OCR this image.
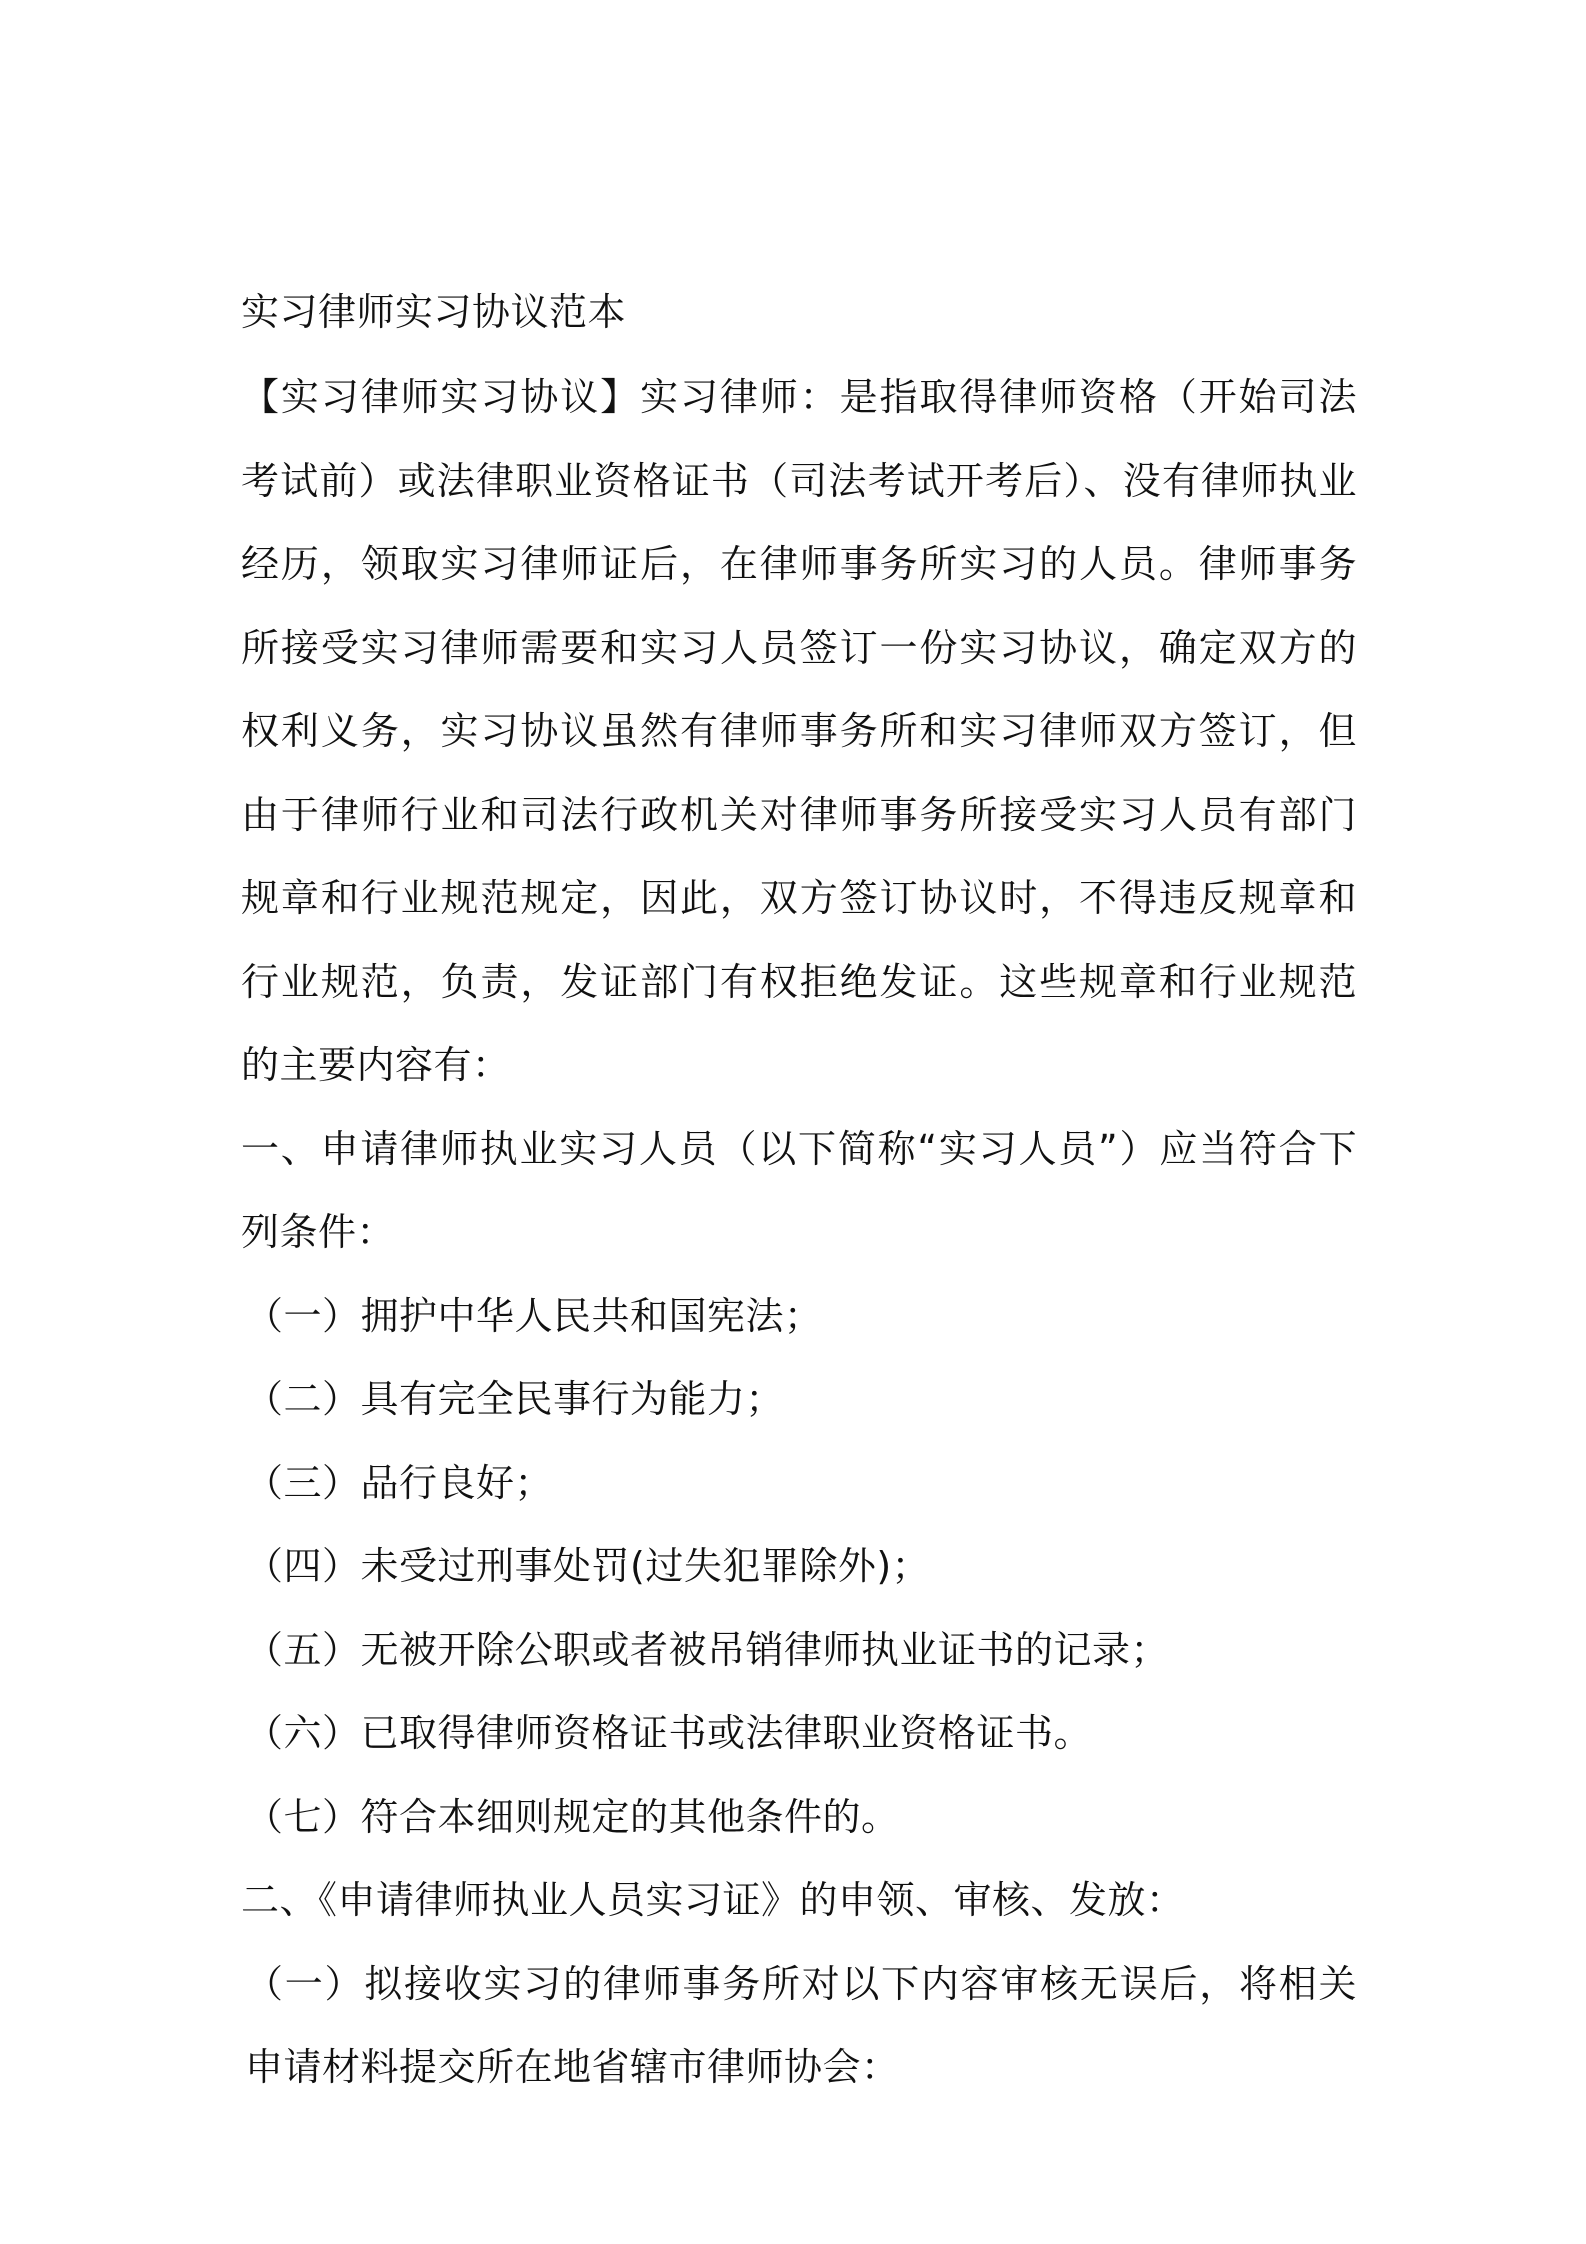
实习律师实习协议范本

【实习律师实习协议】实习律师：是指取得律师资格（开始司法考试前）或法律职业资格证书（司法考试开考后）、没有律师执业经历，领取实习律师证后，在律师事务所实习的人员。律师事务所接受实习律师需要和实习人员签订一份实习协议，确定双方的权利义务，实习协议虽然有律师事务所和实习律师双方签订，但由于律师行业和司法行政机关对律师事务所接受实习人员有部门规章和行业规范规定，因此，双方签订协议时，不得违反规章和行业规范，负责，发证部门有权拒绝发证。这些规章和行业规范的主要内容有：

一、申请律师执业实习人员（以下简称“实习人员”）应当符合下列条件：

（一）拥护中华人民共和国宪法；
（二）具有完全民事行为能力；
（三）品行良好；
（四）未受过刑事处罚(过失犯罪除外)；
（五）无被开除公职或者被吊销律师执业证书的记录；
（六）已取得律师资格证书或法律职业资格证书。
（七）符合本细则规定的其他条件的。
二、《申请律师执业人员实习证》的申领、审核、发放：

（一）拟接收实习的律师事务所对以下内容审核无误后，将相关申请材料提交所在地省辖市律师协会：
